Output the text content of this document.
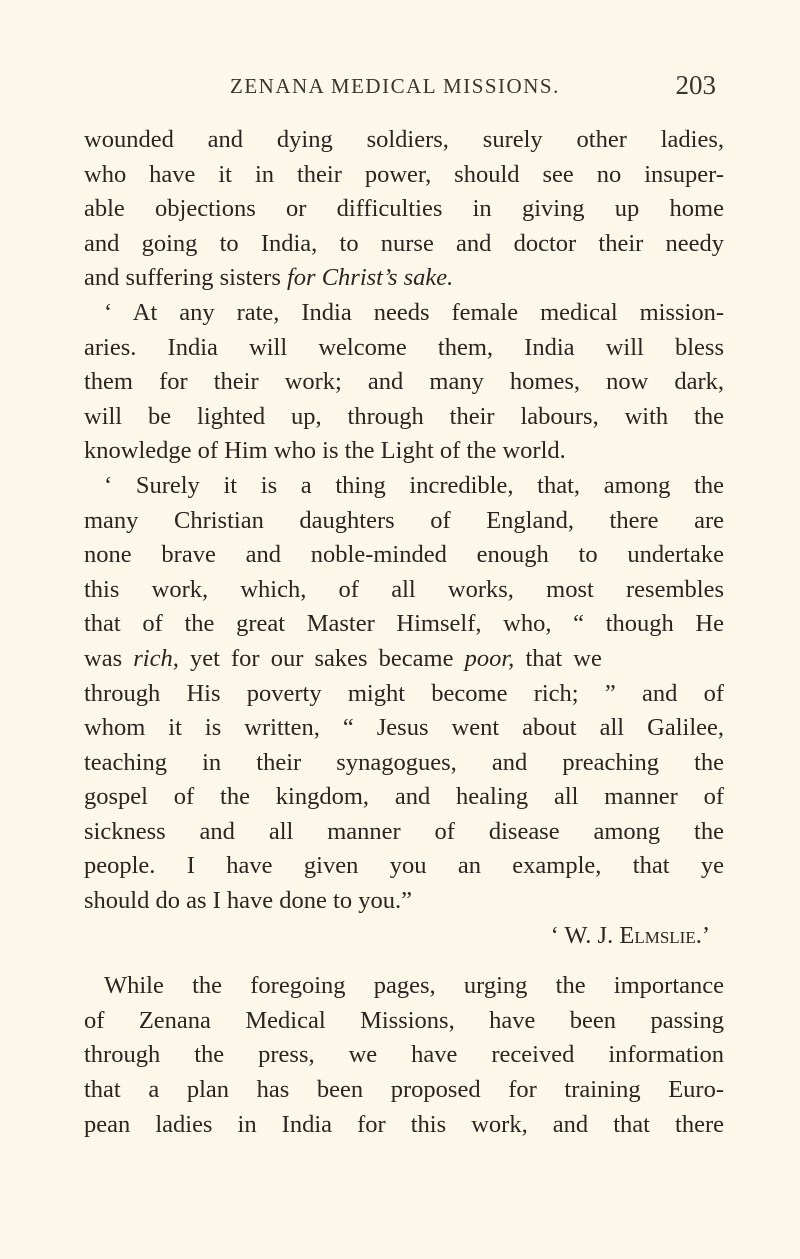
ZENANA MEDICAL MISSIONS.	203
wounded and dying soldiers, surely other ladies,
who have it in their power, should see no insuper-
able objections or difficulties in giving up home
and going to India, to nurse and doctor their needy
and suffering sisters for Christ’s sake.
‘ At any rate, India needs female medical mission-
aries. India will welcome them, India will bless
them for their work; and many homes, now dark,
will be lighted up, through their labours, with the
knowledge of Him who is the Light of the world.
‘ Surely it is a thing incredible, that, among the
many Christian daughters of England, there are
none brave and noble-minded enough to undertake
this work, which, of all works, most resembles
that of the great Master Himself, who, “ though He
was rich, yet for our sakes became poor, that we
through His poverty might become rich; ” and of
whom it is written, “ Jesus went about all Galilee,
teaching in their synagogues, and preaching the
gospel of the kingdom, and healing all manner of
sickness and all manner of disease among the
people. I have given you an example, that ye
should do as I have done to you.”
‘ W. J. Elmslie.’
While the foregoing pages, urging the importance
of Zenana Medical Missions, have been passing
through the press, we have received information
that a plan has been proposed for training Euro-
pean ladies in India for this work, and that there
